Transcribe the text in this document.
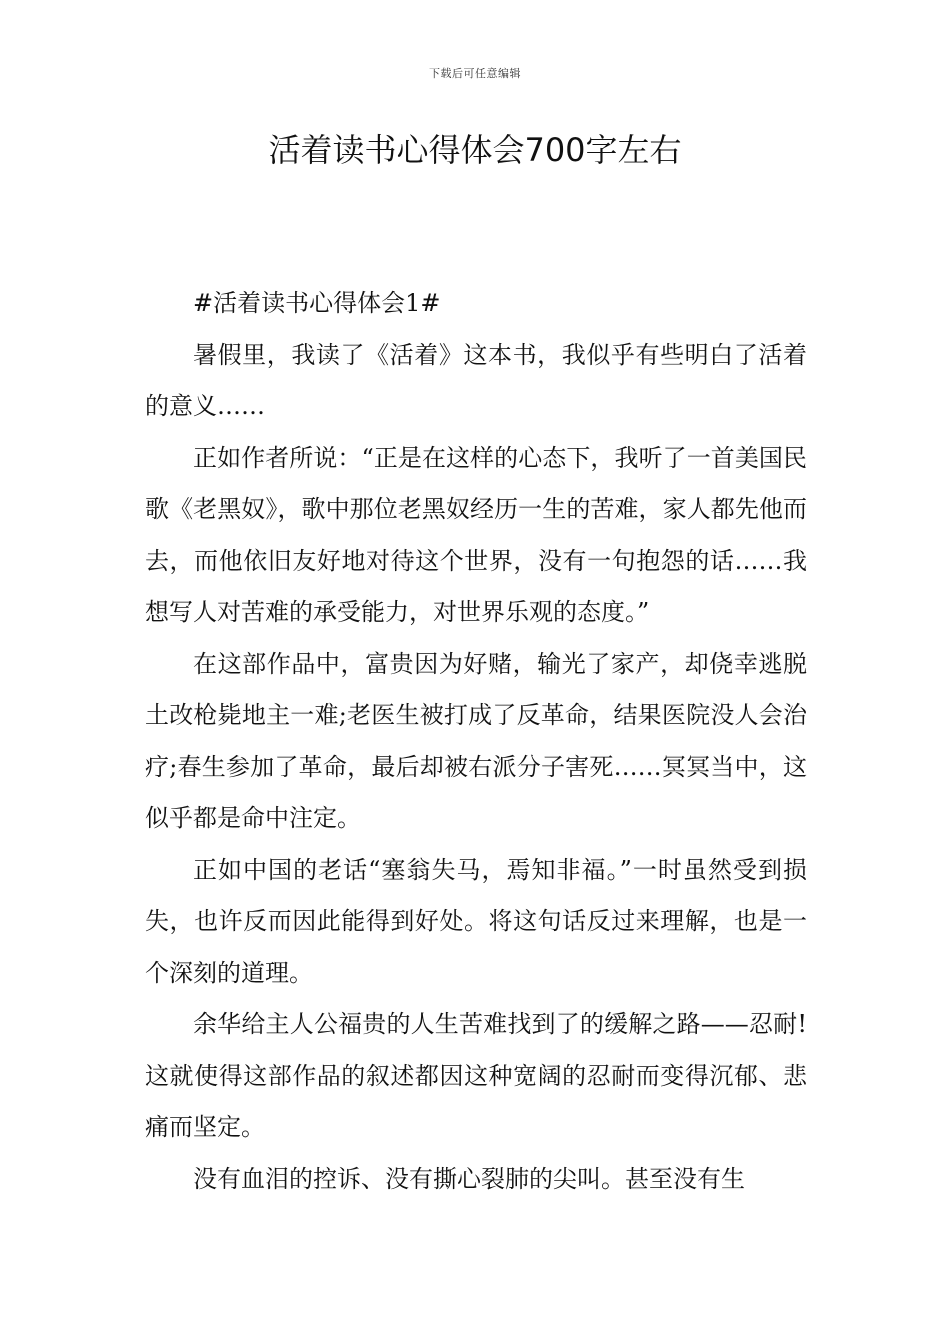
下载后可任意编辑
活着读书心得体会700字左右

#活着读书心得体会1#

暑假里，我读了《活着》这本书，我似乎有些明白了活着的意义……

正如作者所说：“正是在这样的心态下，我听了一首美国民歌《老黑奴》，歌中那位老黑奴经历一生的苦难，家人都先他而去，而他依旧友好地对待这个世界，没有一句抱怨的话……我想写人对苦难的承受能力，对世界乐观的态度。”

在这部作品中，富贵因为好赌，输光了家产，却侥幸逃脱土改枪毙地主一难;老医生被打成了反革命，结果医院没人会治疗;春生参加了革命，最后却被右派分子害死……冥冥当中，这似乎都是命中注定。

正如中国的老话“塞翁失马，焉知非福。”一时虽然受到损失，也许反而因此能得到好处。将这句话反过来理解，也是一个深刻的道理。

余华给主人公福贵的人生苦难找到了的缓解之路——忍耐!这就使得这部作品的叙述都因这种宽阔的忍耐而变得沉郁、悲痛而坚定。

没有血泪的控诉、没有撕心裂肺的尖叫。甚至没有生
